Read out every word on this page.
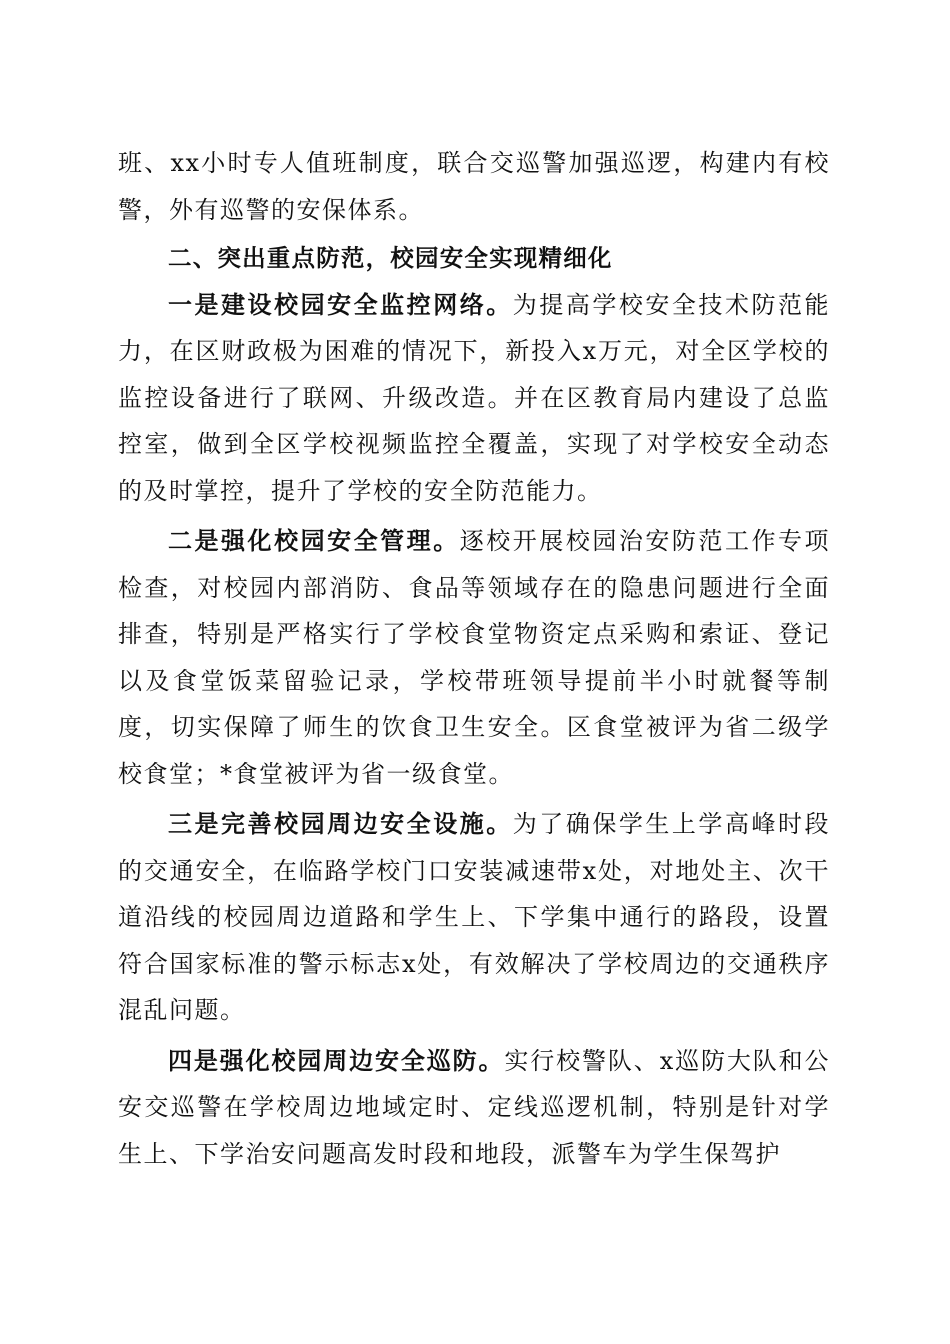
班、xx小时专人值班制度，联合交巡警加强巡逻，构建内有校警，外有巡警的安保体系。

二、突出重点防范，校园安全实现精细化

一是建设校园安全监控网络。为提高学校安全技术防范能力，在区财政极为困难的情况下，新投入x万元，对全区学校的监控设备进行了联网、升级改造。并在区教育局内建设了总监控室，做到全区学校视频监控全覆盖，实现了对学校安全动态的及时掌控，提升了学校的安全防范能力。

二是强化校园安全管理。逐校开展校园治安防范工作专项检查，对校园内部消防、食品等领域存在的隐患问题进行全面排查，特别是严格实行了学校食堂物资定点采购和索证、登记以及食堂饭菜留验记录，学校带班领导提前半小时就餐等制度，切实保障了师生的饮食卫生安全。区食堂被评为省二级学校食堂；*食堂被评为省一级食堂。

三是完善校园周边安全设施。为了确保学生上学高峰时段的交通安全，在临路学校门口安装减速带x处，对地处主、次干道沿线的校园周边道路和学生上、下学集中通行的路段，设置符合国家标准的警示标志x处，有效解决了学校周边的交通秩序混乱问题。

四是强化校园周边安全巡防。实行校警队、x巡防大队和公安交巡警在学校周边地域定时、定线巡逻机制，特别是针对学生上、下学治安问题高发时段和地段，派警车为学生保驾护
